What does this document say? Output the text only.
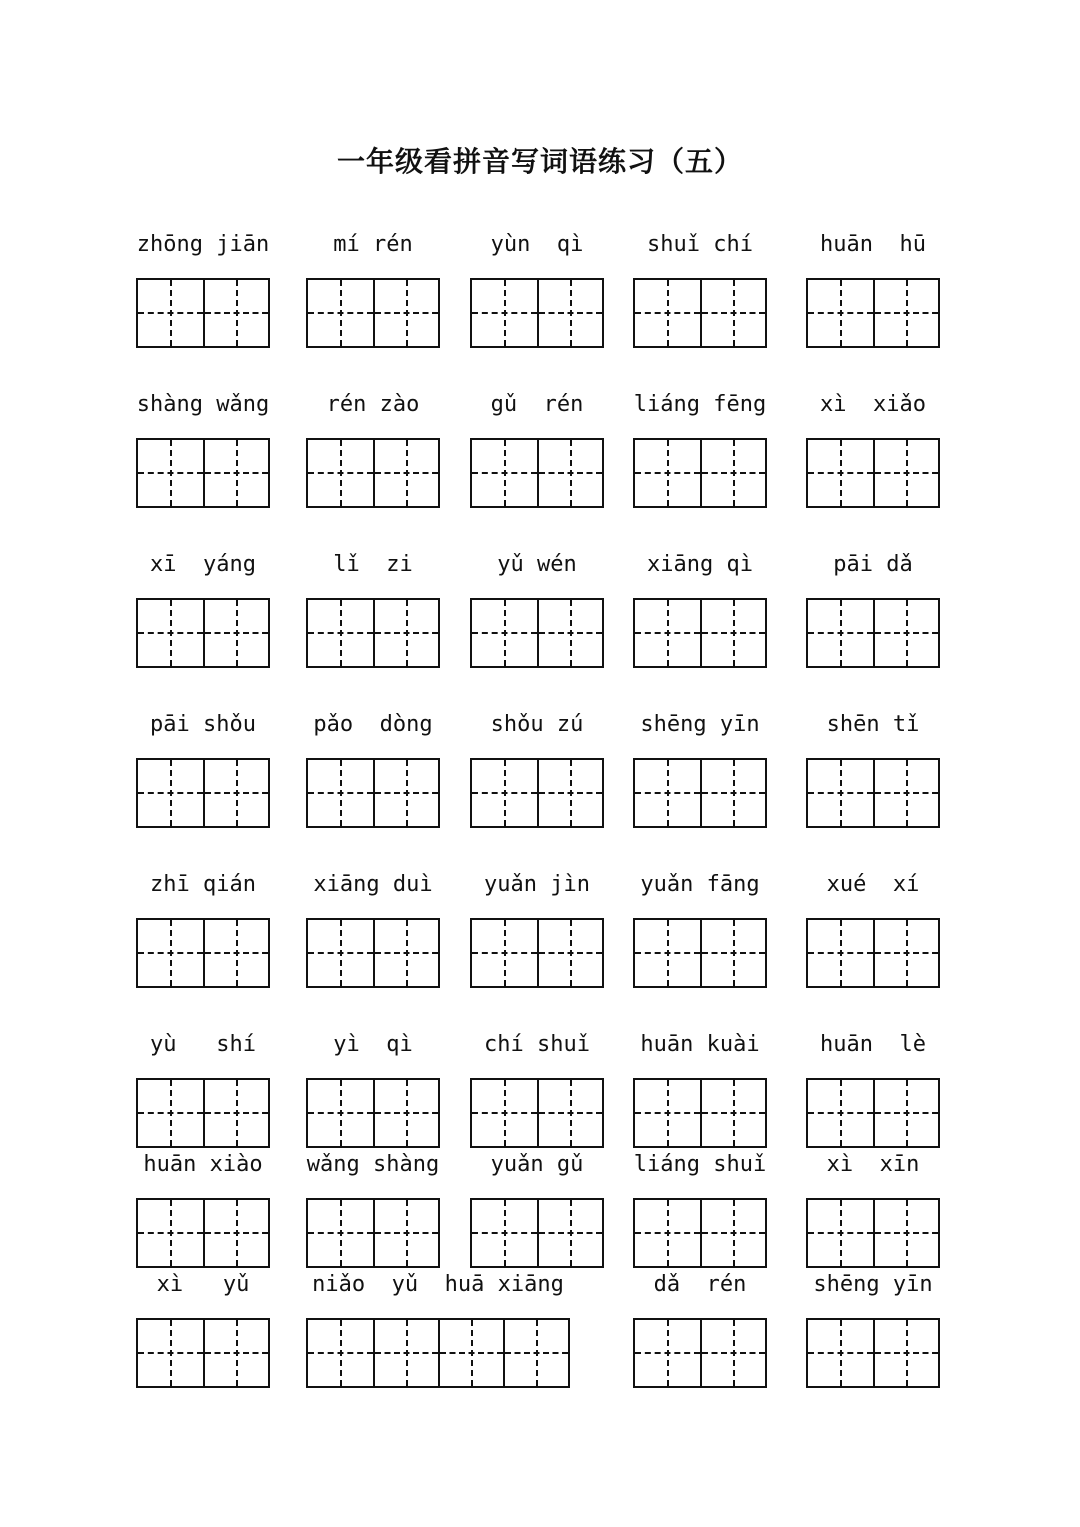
一年级看拼音写词语练习（五）
zhōng jiān	mí rén	yùn  qì	shuǐ chí	huān  hū
shàng wǎng	rén zào	gǔ  rén	liáng fēng	xì  xiǎo
xī  yáng	lǐ  zi	yǔ wén	xiāng qì	pāi dǎ
pāi shǒu	pǎo  dòng	shǒu zú	shēng yīn	shēn tǐ
zhī qián	xiāng duì	yuǎn jìn	yuǎn fāng	xué  xí
yù   shí	yì  qì	chí shuǐ	huān kuài	huān  lè
huān xiào	wǎng shàng	yuǎn gǔ	liáng shuǐ	xì  xīn
xì   yǔ	niǎo  yǔ  huā xiāng	dǎ  rén	shēng yīn
